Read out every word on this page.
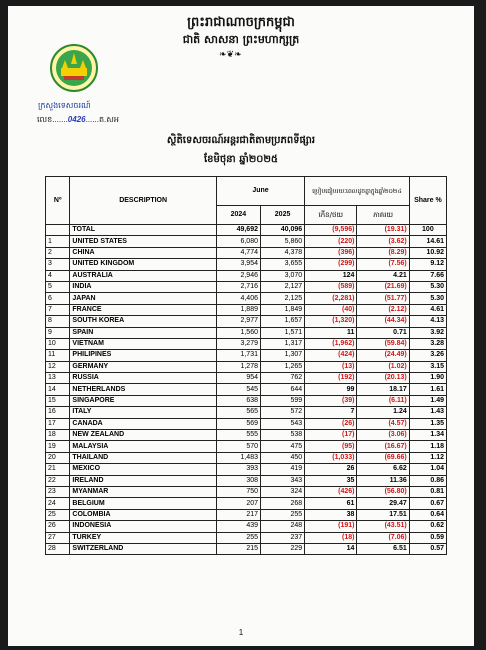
ព្រះរាជាណាចក្រកម្ពុជា
ជាតិ សាសនា ព្រះមហាក្សត្រ
❧❦❧
ក្រសួងទេសចរណ៍
លេខ.......0426......ត.សអ
ស្ថិតិទេសចរណ៍អន្តរជាតិតាមប្រភពទីផ្សារ
ខែមិថុនា ឆ្នាំ២០២៥
Nº	DESCRIPTION	June		ប្រៀបធៀបរយៈពេលដូចគ្នាក្នុងឆ្នាំ២០២៤		Share %
		2024	2025	កើន/ថយ	ភាគរយ	
	TOTAL	49,692	40,096	(9,596)	(19.31)	100
1	UNITED STATES	6,080	5,860	(220)	(3.62)	14.61
2	CHINA	4,774	4,378	(396)	(8.29)	10.92
3	UNITED KINGDOM	3,954	3,655	(299)	(7.56)	9.12
4	AUSTRALIA	2,946	3,070	124	4.21	7.66
5	INDIA	2,716	2,127	(589)	(21.69)	5.30
6	JAPAN	4,406	2,125	(2,281)	(51.77)	5.30
7	FRANCE	1,889	1,849	(40)	(2.12)	4.61
8	SOUTH KOREA	2,977	1,657	(1,320)	(44.34)	4.13
9	SPAIN	1,560	1,571	11	0.71	3.92
10	VIETNAM	3,279	1,317	(1,962)	(59.84)	3.28
11	PHILIPINES	1,731	1,307	(424)	(24.49)	3.26
12	GERMANY	1,278	1,265	(13)	(1.02)	3.15
13	RUSSIA	954	762	(192)	(20.13)	1.90
14	NETHERLANDS	545	644	99	18.17	1.61
15	SINGAPORE	638	599	(39)	(6.11)	1.49
16	ITALY	565	572	7	1.24	1.43
17	CANADA	569	543	(26)	(4.57)	1.35
18	NEW ZEALAND	555	538	(17)	(3.06)	1.34
19	MALAYSIA	570	475	(95)	(16.67)	1.18
20	THAILAND	1,483	450	(1,033)	(69.66)	1.12
21	MEXICO	393	419	26	6.62	1.04
22	IRELAND	308	343	35	11.36	0.86
23	MYANMAR	750	324	(426)	(56.80)	0.81
24	BELGIUM	207	268	61	29.47	0.67
25	COLOMBIA	217	255	38	17.51	0.64
26	INDONESIA	439	248	(191)	(43.51)	0.62
27	TURKEY	255	237	(18)	(7.06)	0.59
28	SWITZERLAND	215	229	14	6.51	0.57
1
